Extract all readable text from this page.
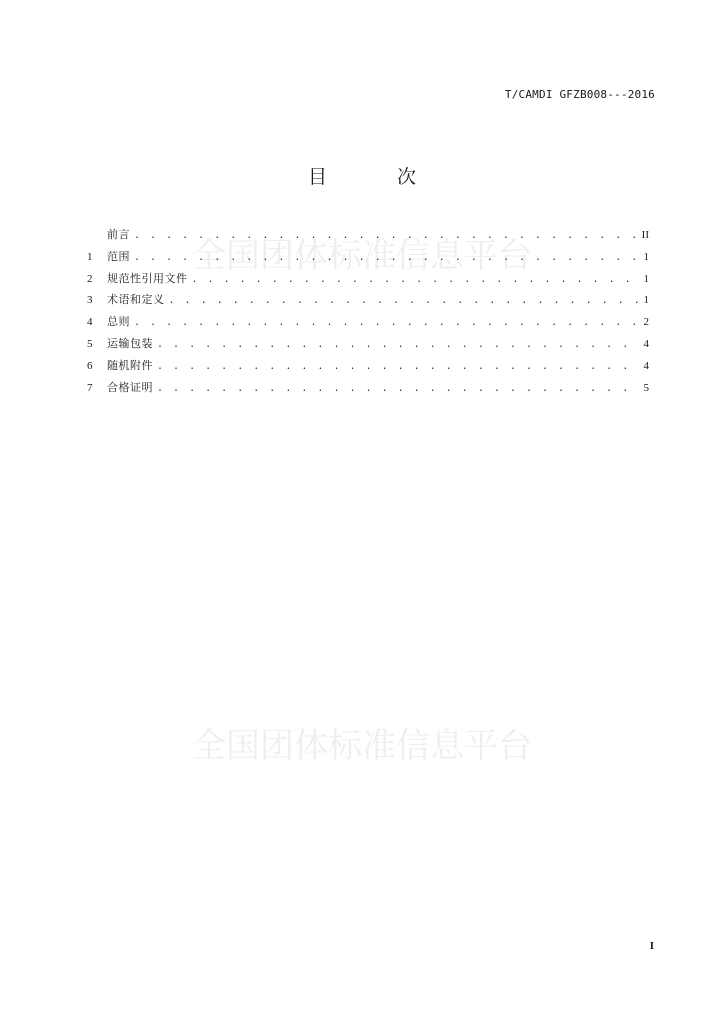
全国团体标准信息平台
全国团体标准信息平台
T/CAMDI GFZB008---2016
目 次
前言 . . .	II
1	范围 . . .	1
2	规范性引用文件 . . .	1
3	术语和定义 . . .	1
4	总则 . . .	2
5	运输包装 . . .	4
6	随机附件 . . .	4
7	合格证明 . . .	5
I
